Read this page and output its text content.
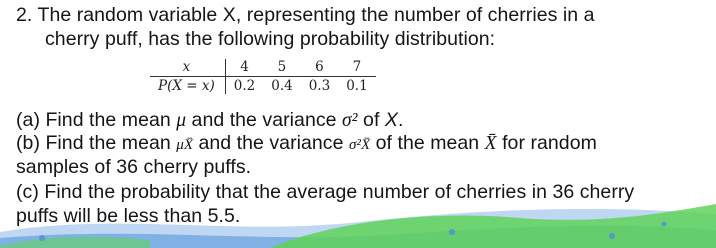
2. The random variable X, representing the number of cherries in a
cherry puff, has the following probability distribution:
x	4	5	6	7
P(X = x)	0.2	0.4	0.3	0.1
(a) Find the mean μ and the variance σ² of X.
(b) Find the mean μX̄ and the variance σ²X̄ of the mean X̄ for random
samples of 36 cherry puffs.
(c) Find the probability that the average number of cherries in 36 cherry
puffs will be less than 5.5.
